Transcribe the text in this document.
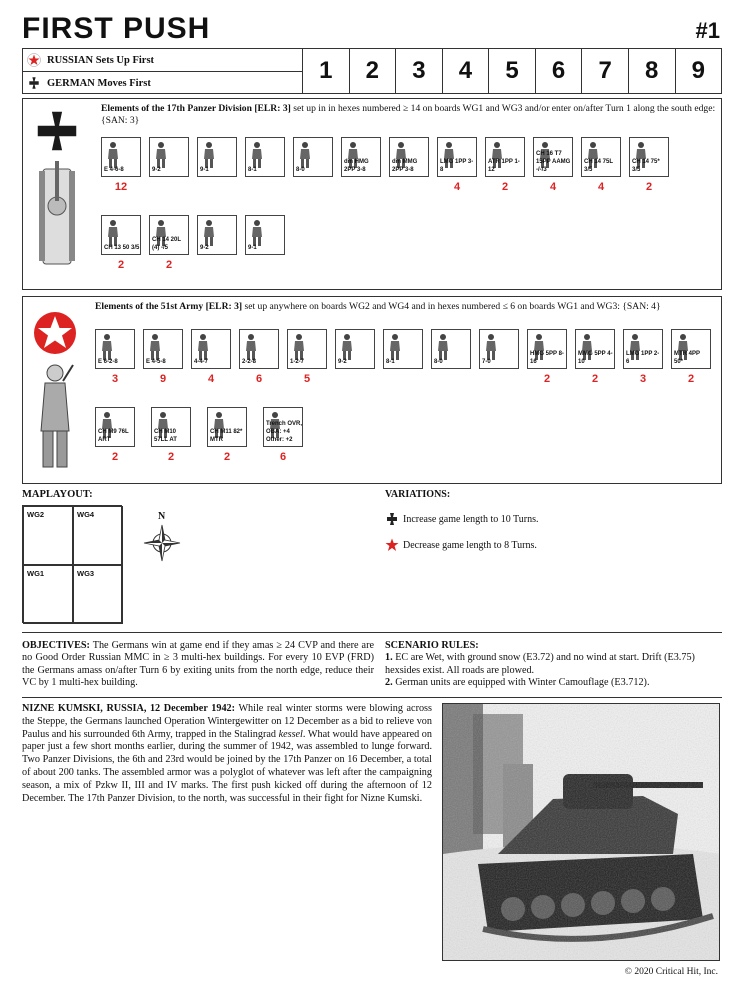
FIRST PUSH	#1
RUSSIAN Sets Up First
GERMAN Moves First	1	2	3	4	5	6	7	8	9
Elements of the 17th Panzer Division [ELR: 3] set up in in hexes numbered ≥ 14 on boards WG1 and WG3 and/or enter on/after Turn 1 along the south edge: {SAN: 3}
E 4-6-8
12
9-2	9-1	8-1	8-0
dm HMG 2PP 3-8
dm MMG 2PP 3-8
LMG 1PP 3-8
4
ATR 1PP 1-12
2
CH 16 T7 15PP AAMG -/-/3
4
CH 14 75L 3/5
4
CH 14 75* 3/5
2
CH 13 50 3/5
2
CH 14 20L (4) -/5
2
9-2	9-1
Elements of the 51st Army [ELR: 3] set up anywhere on boards WG2 and WG4 and in hexes numbered ≤ 6 on boards WG1 and WG3: {SAN: 4}
E 6-2-8
3
E 4-5-8
9
4-4-7
4
2-2-8
6
1-2-7
5
9-2	8-1	8-0	7-0
HMG 5PP 8-16
2
MMG 5PP 4-10
2
LMG 1PP 2-6
3
MTR 4PP 50*
2
CH M9 76L ART
2
CH M10 57LL AT
2
CH M11 82* MTR
2
Trench OVR, OBA: +4 Other: +2
6
MAPLAYOUT:
WG2	WG4
WG1	WG3
N
VARIATIONS:
Increase game length to 10 Turns.
Decrease game length to 8 Turns.
OBJECTIVES: The Germans win at game end if they amas ≥ 24 CVP and there are no Good Order Russian MMC in ≥ 3 multi-hex buildings. For every 10 EVP (FRD) the Germans amass on/after Turn 6 by exiting units from the north edge, reduce their VC by 1 multi-hex building.
SCENARIO RULES:
1. EC are Wet, with ground snow (E3.72) and no wind at start. Drift (E3.75) hexsides exist. All roads are plowed.
2. German units are equipped with Winter Camouflage (E3.712).
NIZNE KUMSKI, RUSSIA, 12 December 1942: While real winter storms were blowing across the Steppe, the Germans launched Operation Wintergewitter on 12 December as a bid to relieve von Paulus and his surrounded 6th Army, trapped in the Stalingrad kessel. What would have appeared on paper just a few short months earlier, during the summer of 1942, was assembled to lunge forward. Two Panzer Divisions, the 6th and 23rd would be joined by the 17th Panzer on 16 December, a total of about 200 tanks. The assembled armor was a polyglot of whatever was left after the campaigning season, a mix of Pzkw II, III and IV marks. The first push kicked off during the afternoon of 12 December. The 17th Panzer Division, to the north, was successful in their fight for Nizne Kumski.
© 2020 Critical Hit, Inc.
